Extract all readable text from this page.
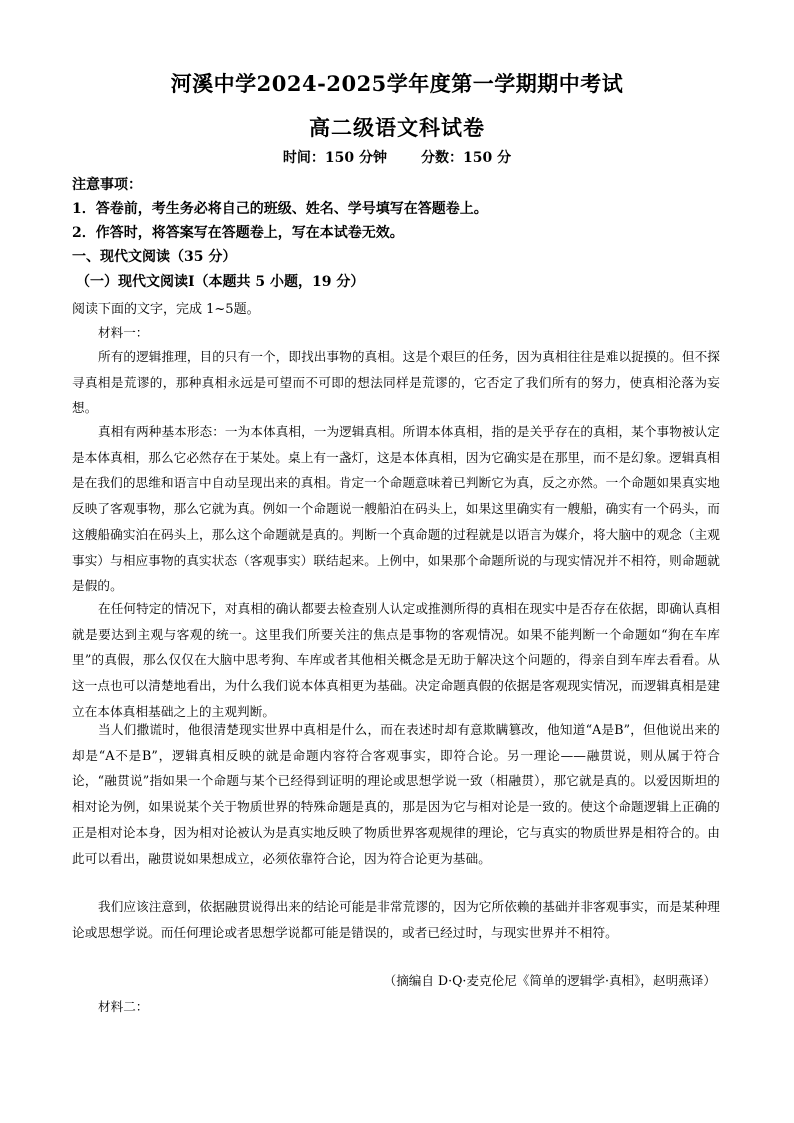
河溪中学2024-2025学年度第一学期期中考试
高二级语文科试卷
时间：150 分钟 分数：150 分
注意事项：
1．答卷前，考生务必将自己的班级、姓名、学号填写在答题卷上。
2．作答时，将答案写在答题卷上，写在本试卷无效。
一、现代文阅读（35 分）
（一）现代文阅读Ⅰ（本题共 5 小题，19 分）
阅读下面的文字，完成 1~5题。
材料一：

所有的逻辑推理，目的只有一个，即找出事物的真相。这是个艰巨的任务，因为真相往往是难以捉摸的。但不探寻真相是荒谬的，那种真相永远是可望而不可即的想法同样是荒谬的，它否定了我们所有的努力，使真相沦落为妄想。

真相有两种基本形态：一为本体真相，一为逻辑真相。所谓本体真相，指的是关乎存在的真相，某个事物被认定是本体真相，那么它必然存在于某处。桌上有一盏灯，这是本体真相，因为它确实是在那里，而不是幻象。逻辑真相是在我们的思维和语言中自动呈现出来的真相。肯定一个命题意味着已判断它为真，反之亦然。一个命题如果真实地反映了客观事物，那么它就为真。例如一个命题说一艘船泊在码头上，如果这里确实有一艘船，确实有一个码头，而这艘船确实泊在码头上，那么这个命题就是真的。判断一个真命题的过程就是以语言为媒介，将大脑中的观念（主观事实）与相应事物的真实状态（客观事实）联结起来。上例中，如果那个命题所说的与现实情况并不相符，则命题就是假的。

在任何特定的情况下，对真相的确认都要去检查别人认定或推测所得的真相在现实中是否存在依据，即确认真相就是要达到主观与客观的统一。这里我们所要关注的焦点是事物的客观情况。如果不能判断一个命题如“狗在车库里”的真假，那么仅仅在大脑中思考狗、车库或者其他相关概念是无助于解决这个问题的，得亲自到车库去看看。从这一点也可以清楚地看出，为什么我们说本体真相更为基础。决定命题真假的依据是客观现实情况，而逻辑真相是建立在本体真相基础之上的主观判断。

当人们撒谎时，他很清楚现实世界中真相是什么，而在表述时却有意欺瞒篡改，他知道“A是B”，但他说出来的却是“A不是B”，逻辑真相反映的就是命题内容符合客观事实，即符合论。另一理论——融贯说，则从属于符合论，“融贯说”指如果一个命题与某个已经得到证明的理论或思想学说一致（相融贯），那它就是真的。以爱因斯坦的相对论为例，如果说某个关于物质世界的特殊命题是真的，那是因为它与相对论是一致的。使这个命题逻辑上正确的正是相对论本身，因为相对论被认为是真实地反映了物质世界客观规律的理论，它与真实的物质世界是相符合的。由此可以看出，融贯说如果想成立，必须依靠符合论，因为符合论更为基础。

我们应该注意到，依据融贯说得出来的结论可能是非常荒谬的，因为它所依赖的基础并非客观事实，而是某种理论或思想学说。而任何理论或者思想学说都可能是错误的，或者已经过时，与现实世界并不相符。

（摘编自 D·Q·麦克伦尼《简单的逻辑学·真相》，赵明燕译）
材料二：
